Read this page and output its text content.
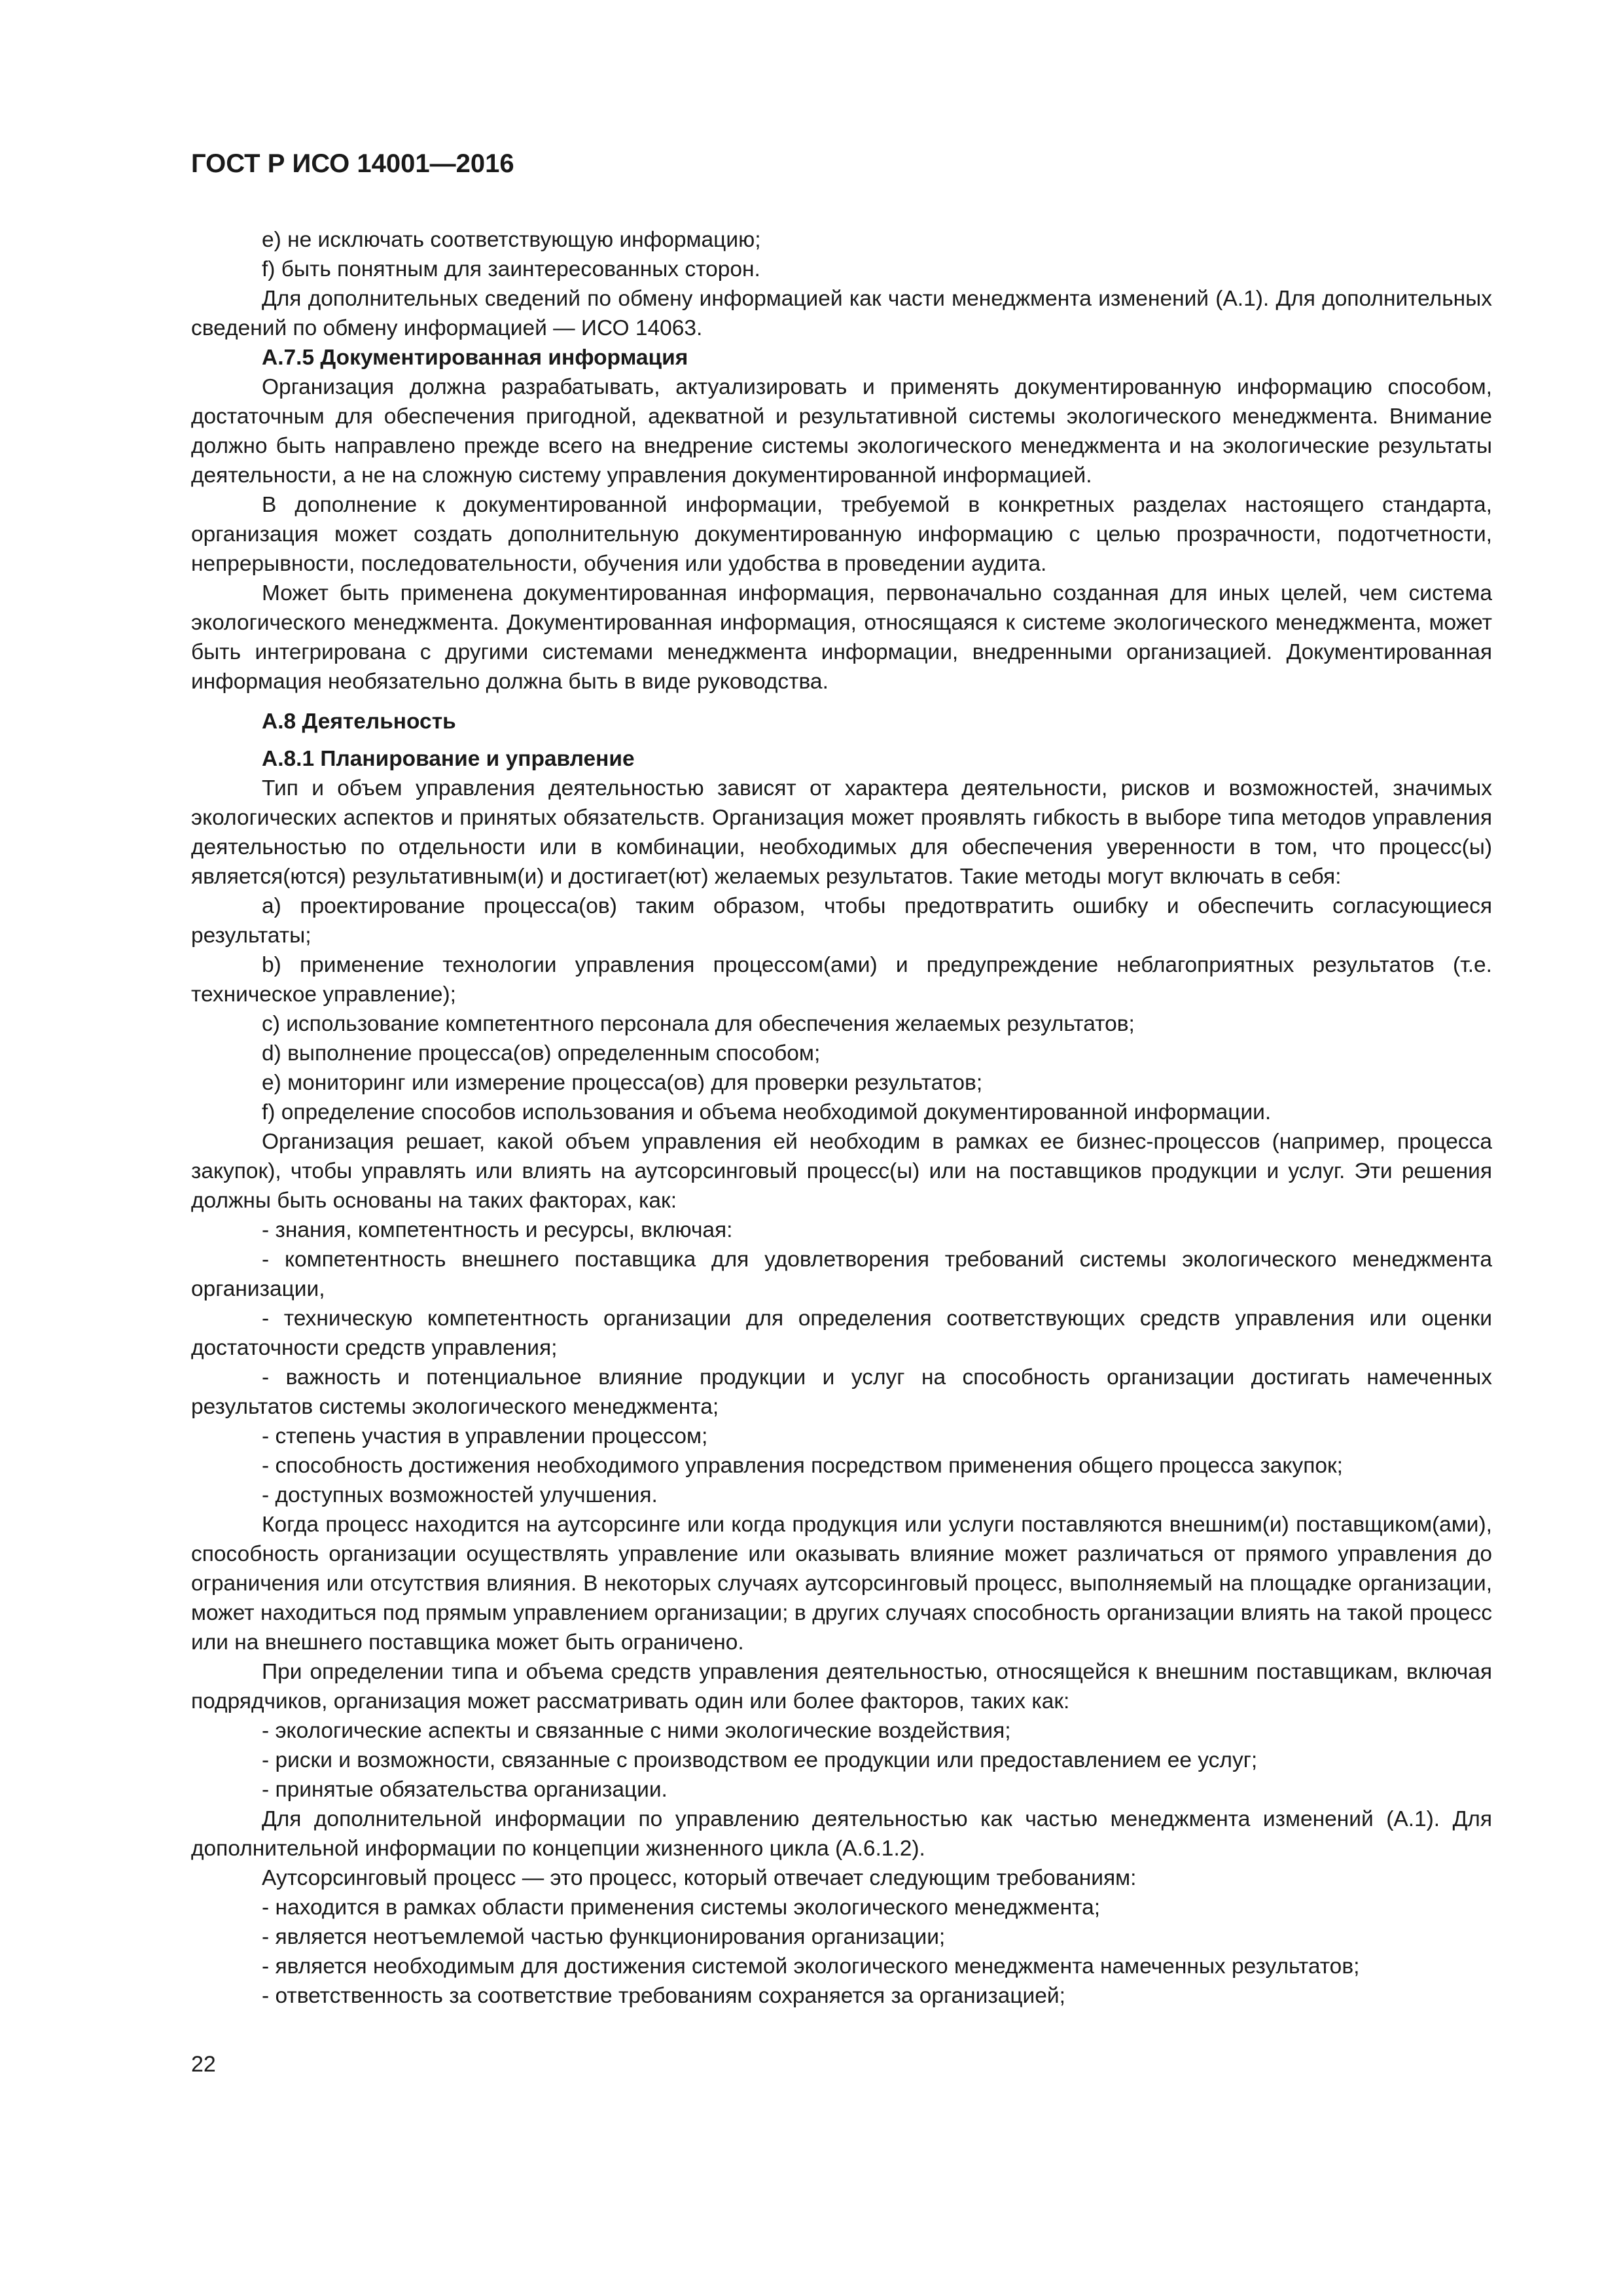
ГОСТ Р ИСО 14001—2016

e) не исключать соответствующую информацию;

f) быть понятным для заинтересованных сторон.

Для дополнительных сведений по обмену информацией как части менеджмента изменений (А.1). Для дополнительных сведений по обмену информацией — ИСО 14063.

А.7.5 Документированная информация

Организация должна разрабатывать, актуализировать и применять документированную информацию способом, достаточным для обеспечения пригодной, адекватной и результативной системы экологического менеджмента. Внимание должно быть направлено прежде всего на внедрение системы экологического менеджмента и на экологические результаты деятельности, а не на сложную систему управления документированной информацией.

В дополнение к документированной информации, требуемой в конкретных разделах настоящего стандарта, организация может создать дополнительную документированную информацию с целью прозрачности, подотчетности, непрерывности, последовательности, обучения или удобства в проведении аудита.

Может быть применена документированная информация, первоначально созданная для иных целей, чем система экологического менеджмента. Документированная информация, относящаяся к системе экологического менеджмента, может быть интегрирована с другими системами менеджмента информации, внедренными организацией. Документированная информация необязательно должна быть в виде руководства.

А.8 Деятельность
А.8.1 Планирование и управление

Тип и объем управления деятельностью зависят от характера деятельности, рисков и возможностей, значимых экологических аспектов и принятых обязательств. Организация может проявлять гибкость в выборе типа методов управления деятельностью по отдельности или в комбинации, необходимых для обеспечения уверенности в том, что процесс(ы) является(ются) результативным(и) и достигает(ют) желаемых результатов. Такие методы могут включать в себя:

a) проектирование процесса(ов) таким образом, чтобы предотвратить ошибку и обеспечить согласующиеся результаты;

b) применение технологии управления процессом(ами) и предупреждение неблагоприятных результатов (т.е. техническое управление);

c) использование компетентного персонала для обеспечения желаемых результатов;

d) выполнение процесса(ов) определенным способом;

e) мониторинг или измерение процесса(ов) для проверки результатов;

f) определение способов использования и объема необходимой документированной информации.

Организация решает, какой объем управления ей необходим в рамках ее бизнес-процессов (например, процесса закупок), чтобы управлять или влиять на аутсорсинговый процесс(ы) или на поставщиков продукции и услуг. Эти решения должны быть основаны на таких факторах, как:

- знания, компетентность и ресурсы, включая:

- компетентность внешнего поставщика для удовлетворения требований системы экологического менеджмента организации,

- техническую компетентность организации для определения соответствующих средств управления или оценки достаточности средств управления;

- важность и потенциальное влияние продукции и услуг на способность организации достигать намеченных результатов системы экологического менеджмента;

- степень участия в управлении процессом;

- способность достижения необходимого управления посредством применения общего процесса закупок;

- доступных возможностей улучшения.

Когда процесс находится на аутсорсинге или когда продукция или услуги поставляются внешним(и) поставщиком(ами), способность организации осуществлять управление или оказывать влияние может различаться от прямого управления до ограничения или отсутствия влияния. В некоторых случаях аутсорсинговый процесс, выполняемый на площадке организации, может находиться под прямым управлением организации; в других случаях способность организации влиять на такой процесс или на внешнего поставщика может быть ограничено.

При определении типа и объема средств управления деятельностью, относящейся к внешним поставщикам, включая подрядчиков, организация может рассматривать один или более факторов, таких как:

- экологические аспекты и связанные с ними экологические воздействия;

- риски и возможности, связанные с производством ее продукции или предоставлением ее услуг;

- принятые обязательства организации.

Для дополнительной информации по управлению деятельностью как частью менеджмента изменений (А.1). Для дополнительной информации по концепции жизненного цикла (А.6.1.2).

Аутсорсинговый процесс — это процесс, который отвечает следующим требованиям:

- находится в рамках области применения системы экологического менеджмента;

- является неотъемлемой частью функционирования организации;

- является необходимым для достижения системой экологического менеджмента намеченных результатов;

- ответственность за соответствие требованиям сохраняется за организацией;

22
